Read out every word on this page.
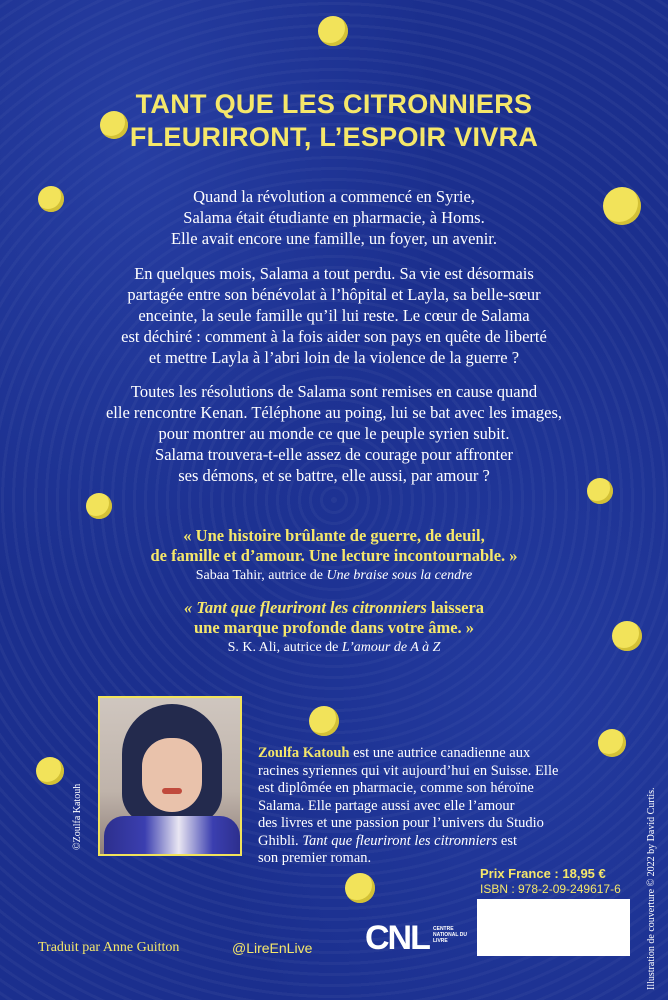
TANT QUE LES CITRONNIERS
FLEURIRONT, L’ESPOIR VIVRA
Quand la révolution a commencé en Syrie,
Salama était étudiante en pharmacie, à Homs.
Elle avait encore une famille, un foyer, un avenir.
En quelques mois, Salama a tout perdu. Sa vie est désormais
partagée entre son bénévolat à l’hôpital et Layla, sa belle-sœur
enceinte, la seule famille qu’il lui reste. Le cœur de Salama
est déchiré : comment à la fois aider son pays en quête de liberté
et mettre Layla à l’abri loin de la violence de la guerre ?
Toutes les résolutions de Salama sont remises en cause quand
elle rencontre Kenan. Téléphone au poing, lui se bat avec les images,
pour montrer au monde ce que le peuple syrien subit.
Salama trouvera-t-elle assez de courage pour affronter
ses démons, et se battre, elle aussi, par amour ?
« Une histoire brûlante de guerre, de deuil,
de famille et d’amour. Une lecture incontournable. »
Sabaa Tahir, autrice de Une braise sous la cendre
« Tant que fleuriront les citronniers laissera
une marque profonde dans votre âme. »
S. K. Ali, autrice de L’amour de A à Z
©Zoulfa Katouh
Zoulfa Katouh est une autrice canadienne aux
racines syriennes qui vit aujourd’hui en Suisse. Elle
est diplômée en pharmacie, comme son héroïne
Salama. Elle partage aussi avec elle l’amour
des livres et une passion pour l’univers du Studio
Ghibli. Tant que fleuriront les citronniers est
son premier roman.
Prix France : 18,95 €
ISBN : 978-2-09-249617-6
Traduit par Anne Guitton	@LireEnLive CNL CENTRE NATIONAL DU LIVRE	Illustration de couverture © 2022 by David Curtis.
